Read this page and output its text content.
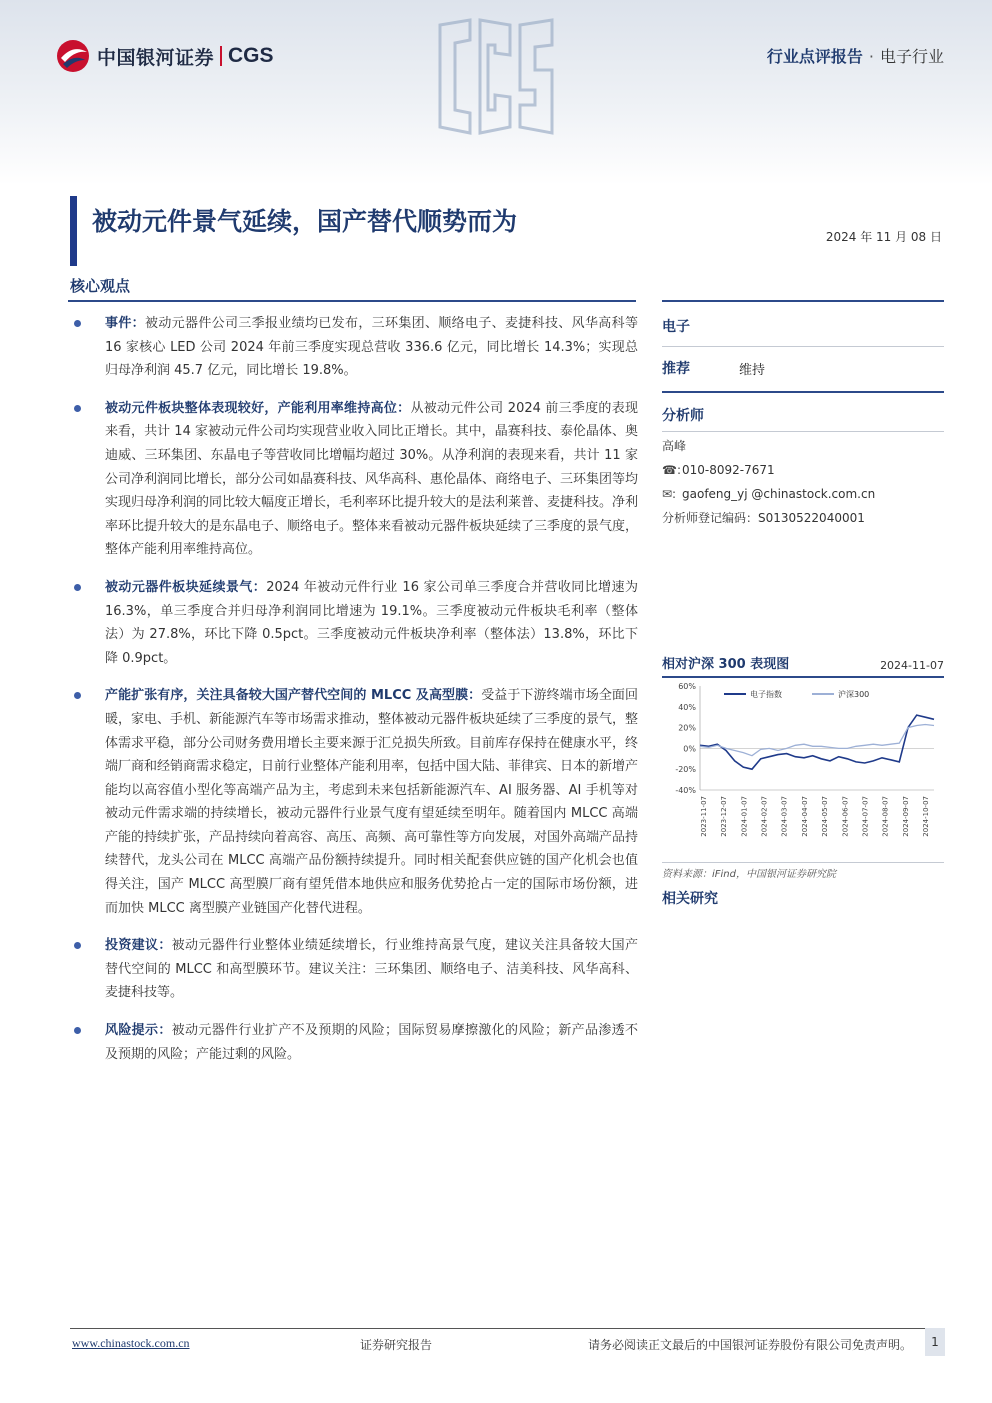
中国银河证券 CGS	行业点评报告 · 电子行业
被动元件景气延续，国产替代顺势而为
2024 年 11 月 08 日
核心观点
事件：被动元器件公司三季报业绩均已发布，三环集团、顺络电子、麦捷科技、风华高科等 16 家核心 LED 公司 2024 年前三季度实现总营收 336.6 亿元，同比增长 14.3%；实现总归母净利润 45.7 亿元，同比增长 19.8%。
被动元件板块整体表现较好，产能利用率维持高位：从被动元件公司 2024 前三季度的表现来看，共计 14 家被动元件公司均实现营业收入同比正增长。其中，晶赛科技、泰伦晶体、奥迪威、三环集团、东晶电子等营收同比增幅均超过 30%。从净利润的表现来看，共计 11 家公司净利润同比增长，部分公司如晶赛科技、风华高科、惠伦晶体、商络电子、三环集团等均实现归母净利润的同比较大幅度正增长，毛利率环比提升较大的是法利莱普、麦捷科技。净利率环比提升较大的是东晶电子、顺络电子。整体来看被动元器件板块延续了三季度的景气度，整体产能利用率维持高位。
被动元器件板块延续景气：2024 年被动元件行业 16 家公司单三季度合并营收同比增速为 16.3%，单三季度合并归母净利润同比增速为 19.1%。三季度被动元件板块毛利率（整体法）为 27.8%，环比下降 0.5pct。三季度被动元件板块净利率（整体法）13.8%，环比下降 0.9pct。
产能扩张有序，关注具备较大国产替代空间的 MLCC 及高型膜：受益于下游终端市场全面回暖，家电、手机、新能源汽车等市场需求推动，整体被动元器件板块延续了三季度的景气，整体需求平稳，部分公司财务费用增长主要来源于汇兑损失所致。目前库存保持在健康水平，终端厂商和经销商需求稳定，日前行业整体产能利用率，包括中国大陆、菲律宾、日本的新增产能均以高容值小型化等高端产品为主，考虑到未来包括新能源汽车、AI 服务器、AI 手机等对被动元件需求端的持续增长，被动元器件行业景气度有望延续至明年。随着国内 MLCC 高端产能的持续扩张，产品持续向着高容、高压、高频、高可靠性等方向发展，对国外高端产品持续替代，龙头公司在 MLCC 高端产品份额持续提升。同时相关配套供应链的国产化机会也值得关注，国产 MLCC 高型膜厂商有望凭借本地供应和服务优势抢占一定的国际市场份额，进而加快 MLCC 离型膜产业链国产化替代进程。
投资建议：被动元器件行业整体业绩延续增长，行业维持高景气度，建议关注具备较大国产替代空间的 MLCC 和高型膜环节。建议关注：三环集团、顺络电子、洁美科技、风华高科、麦捷科技等。
风险提示：被动元器件行业扩产不及预期的风险；国际贸易摩擦激化的风险；新产品渗透不及预期的风险；产能过剩的风险。
电子
推荐	维持
分析师
高峰
☎:010-8092-7671
✉: gaofeng_yj @chinastock.com.cn
分析师登记编码：S0130522040001
相对沪深 300 表现图	2024-11-07
60%
40%
20%
0%
-20%
-40%
电子指数	沪深300
2023-11-07 2023-12-07 2024-01-07 2024-02-07 2024-03-07 2024-04-07 2024-05-07 2024-06-07 2024-07-07 2024-08-07 2024-09-07 2024-10-07
资料来源：iFind，中国银河证券研究院
相关研究
www.chinastock.com.cn	证券研究报告	请务必阅读正文最后的中国银河证券股份有限公司免责声明。	1
